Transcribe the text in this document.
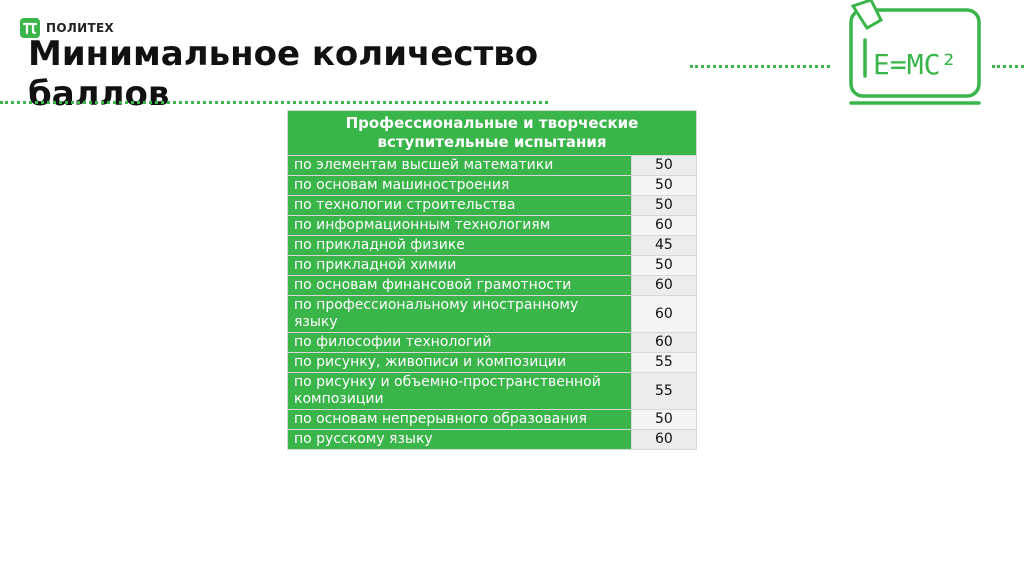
ПОЛИТЕХ
Минимальное количество баллов
E=MC²
Профессиональные и творческие вступительные испытания	
по элементам высшей математики	50
по основам машиностроения	50
по технологии строительства	50
по информационным технологиям	60
по прикладной физике	45
по прикладной химии	50
по основам финансовой грамотности	60
по профессиональному иностранному языку	60
по философии технологий	60
по рисунку, живописи и композиции	55
по рисунку и объемно-пространственной композиции	55
по основам непрерывного образования	50
по русскому языку	60
